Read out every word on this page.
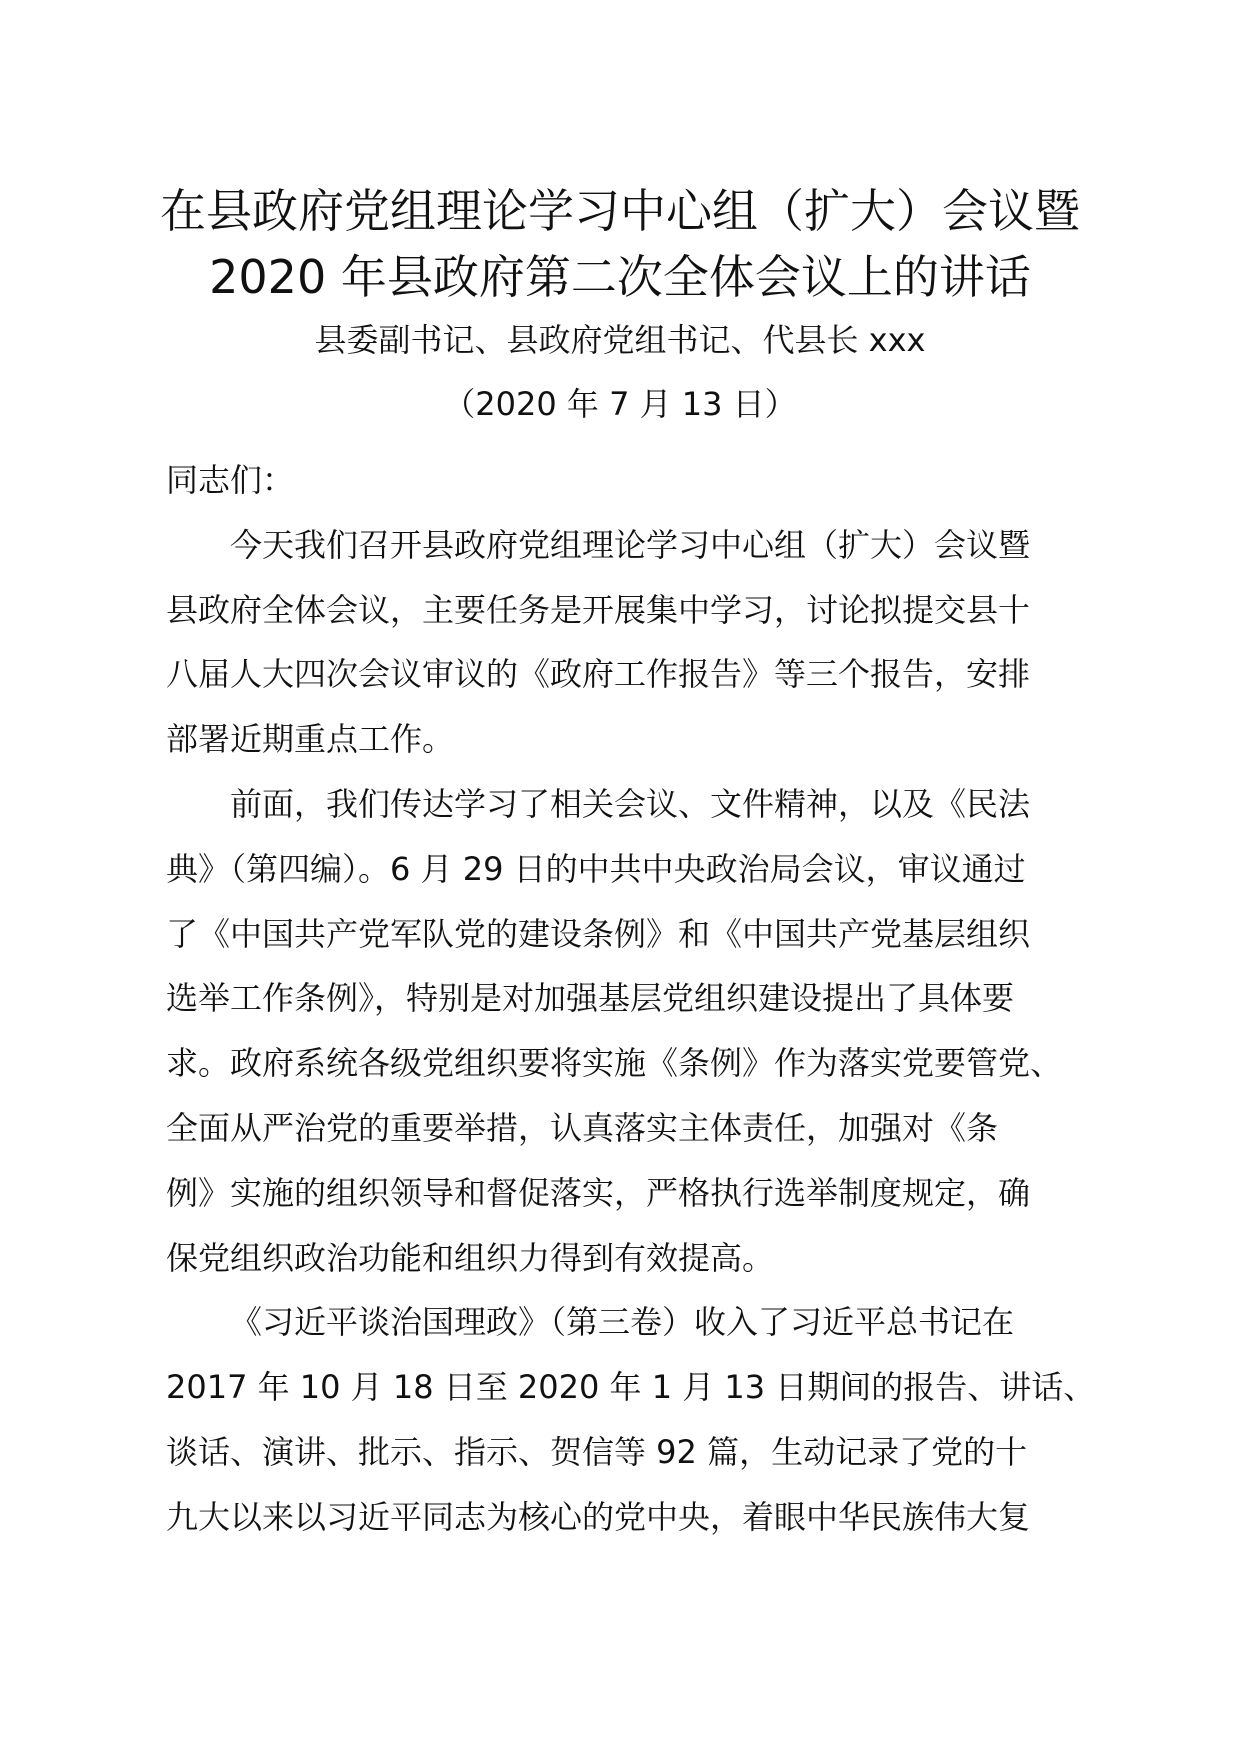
在县政府党组理论学习中心组（扩大）会议暨
2020 年县政府第二次全体会议上的讲话
县委副书记、县政府党组书记、代县长 xxx
（2020 年 7 月 13 日）

同志们：

今天我们召开县政府党组理论学习中心组（扩大）会议暨
县政府全体会议，主要任务是开展集中学习，讨论拟提交县十
八届人大四次会议审议的《政府工作报告》等三个报告，安排
部署近期重点工作。

前面，我们传达学习了相关会议、文件精神，以及《民法
典》（第四编）。6 月 29 日的中共中央政治局会议，审议通过
了《中国共产党军队党的建设条例》和《中国共产党基层组织
选举工作条例》，特别是对加强基层党组织建设提出了具体要
求。政府系统各级党组织要将实施《条例》作为落实党要管党、
全面从严治党的重要举措，认真落实主体责任，加强对《条
例》实施的组织领导和督促落实，严格执行选举制度规定，确
保党组织政治功能和组织力得到有效提高。

《习近平谈治国理政》（第三卷）收入了习近平总书记在
2017 年 10 月 18 日至 2020 年 1 月 13 日期间的报告、讲话、
谈话、演讲、批示、指示、贺信等 92 篇，生动记录了党的十
九大以来以习近平同志为核心的党中央，着眼中华民族伟大复
